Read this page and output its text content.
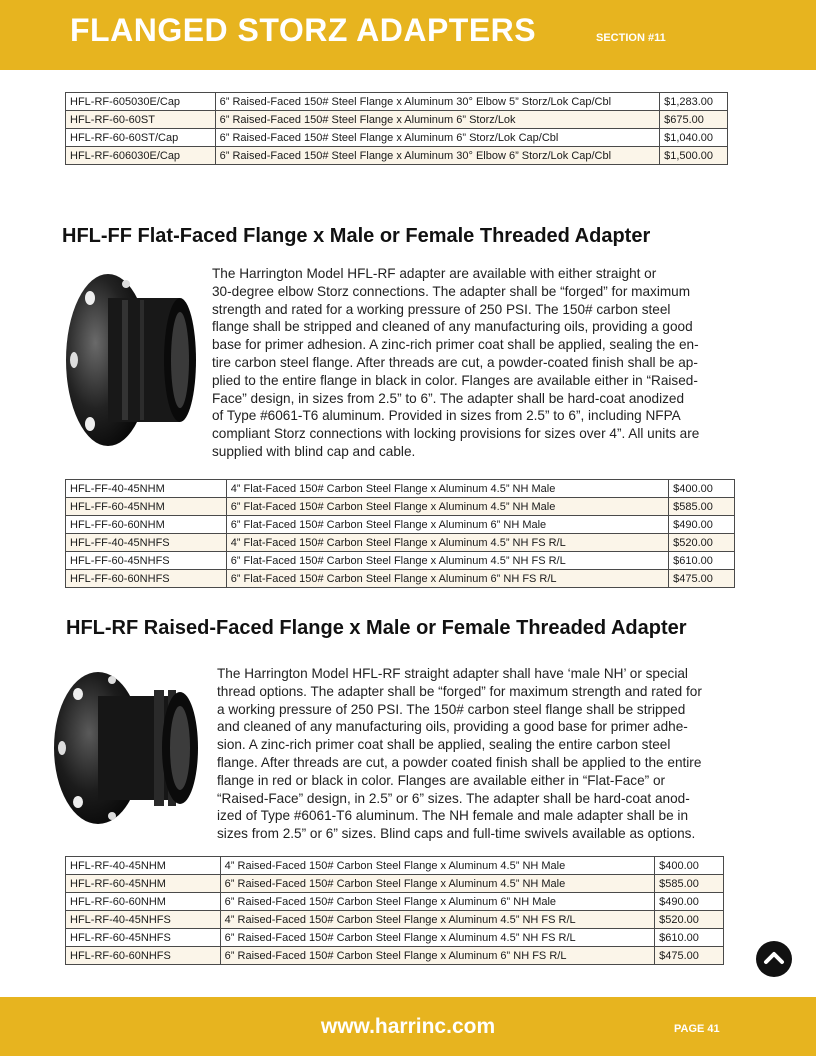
FLANGED STORZ ADAPTERS	SECTION #11
HFL-RF-605030E/Cap	6” Raised-Faced 150# Steel Flange x Aluminum 30° Elbow 5” Storz/Lok Cap/Cbl	$1,283.00
HFL-RF-60-60ST	6” Raised-Faced 150# Steel Flange x Aluminum 6” Storz/Lok	$675.00
HFL-RF-60-60ST/Cap	6” Raised-Faced 150# Steel Flange x Aluminum 6” Storz/Lok Cap/Cbl	$1,040.00
HFL-RF-606030E/Cap	6” Raised-Faced 150# Steel Flange x Aluminum 30° Elbow 6” Storz/Lok Cap/Cbl	$1,500.00
HFL-FF Flat-Faced Flange x Male or Female Threaded Adapter

The Harrington Model HFL-RF adapter are available with either straight or
30-degree elbow Storz connections. The adapter shall be “forged” for maximum
strength and rated for a working pressure of 250 PSI. The 150# carbon steel
flange shall be stripped and cleaned of any manufacturing oils, providing a good
base for primer adhesion. A zinc-rich primer coat shall be applied, sealing the en-
tire carbon steel flange. After threads are cut, a powder-coated finish shall be ap-
plied to the entire flange in black in color. Flanges are available either in “Raised-
Face” design, in sizes from 2.5” to 6”. The adapter shall be hard-coat anodized
of Type #6061-T6 aluminum. Provided in sizes from 2.5” to 6”, including NFPA
compliant Storz connections with locking provisions for sizes over 4”. All units are
supplied with blind cap and cable.

HFL-FF-40-45NHM	4” Flat-Faced 150# Carbon Steel Flange x Aluminum 4.5” NH Male	$400.00
HFL-FF-60-45NHM	6” Flat-Faced 150# Carbon Steel Flange x Aluminum 4.5” NH Male	$585.00
HFL-FF-60-60NHM	6” Flat-Faced 150# Carbon Steel Flange x Aluminum 6” NH Male	$490.00
HFL-FF-40-45NHFS	4” Flat-Faced 150# Carbon Steel Flange x Aluminum 4.5” NH FS R/L	$520.00
HFL-FF-60-45NHFS	6” Flat-Faced 150# Carbon Steel Flange x Aluminum 4.5” NH FS R/L	$610.00
HFL-FF-60-60NHFS	6” Flat-Faced 150# Carbon Steel Flange x Aluminum 6” NH FS R/L	$475.00
HFL-RF Raised-Faced Flange x Male or Female Threaded Adapter

The Harrington Model HFL-RF straight adapter shall have ‘male NH’ or special
thread options. The adapter shall be “forged” for maximum strength and rated for
a working pressure of 250 PSI. The 150# carbon steel flange shall be stripped
and cleaned of any manufacturing oils, providing a good base for primer adhe-
sion. A zinc-rich primer coat shall be applied, sealing the entire carbon steel
flange. After threads are cut, a powder coated finish shall be applied to the entire
flange in red or black in color. Flanges are available either in “Flat-Face” or
“Raised-Face” design, in 2.5” or 6” sizes. The adapter shall be hard-coat anod-
ized of Type #6061-T6 aluminum. The NH female and male adapter shall be in
sizes from 2.5” or 6” sizes. Blind caps and full-time swivels available as options.

HFL-RF-40-45NHM	4” Raised-Faced 150# Carbon Steel Flange x Aluminum 4.5” NH Male	$400.00
HFL-RF-60-45NHM	6” Raised-Faced 150# Carbon Steel Flange x Aluminum 4.5” NH Male	$585.00
HFL-RF-60-60NHM	6” Raised-Faced 150# Carbon Steel Flange x Aluminum 6” NH Male	$490.00
HFL-RF-40-45NHFS	4” Raised-Faced 150# Carbon Steel Flange x Aluminum 4.5” NH FS R/L	$520.00
HFL-RF-60-45NHFS	6” Raised-Faced 150# Carbon Steel Flange x Aluminum 4.5” NH FS R/L	$610.00
HFL-RF-60-60NHFS	6” Raised-Faced 150# Carbon Steel Flange x Aluminum 6” NH FS R/L	$475.00
www.harrinc.com	PAGE 41
